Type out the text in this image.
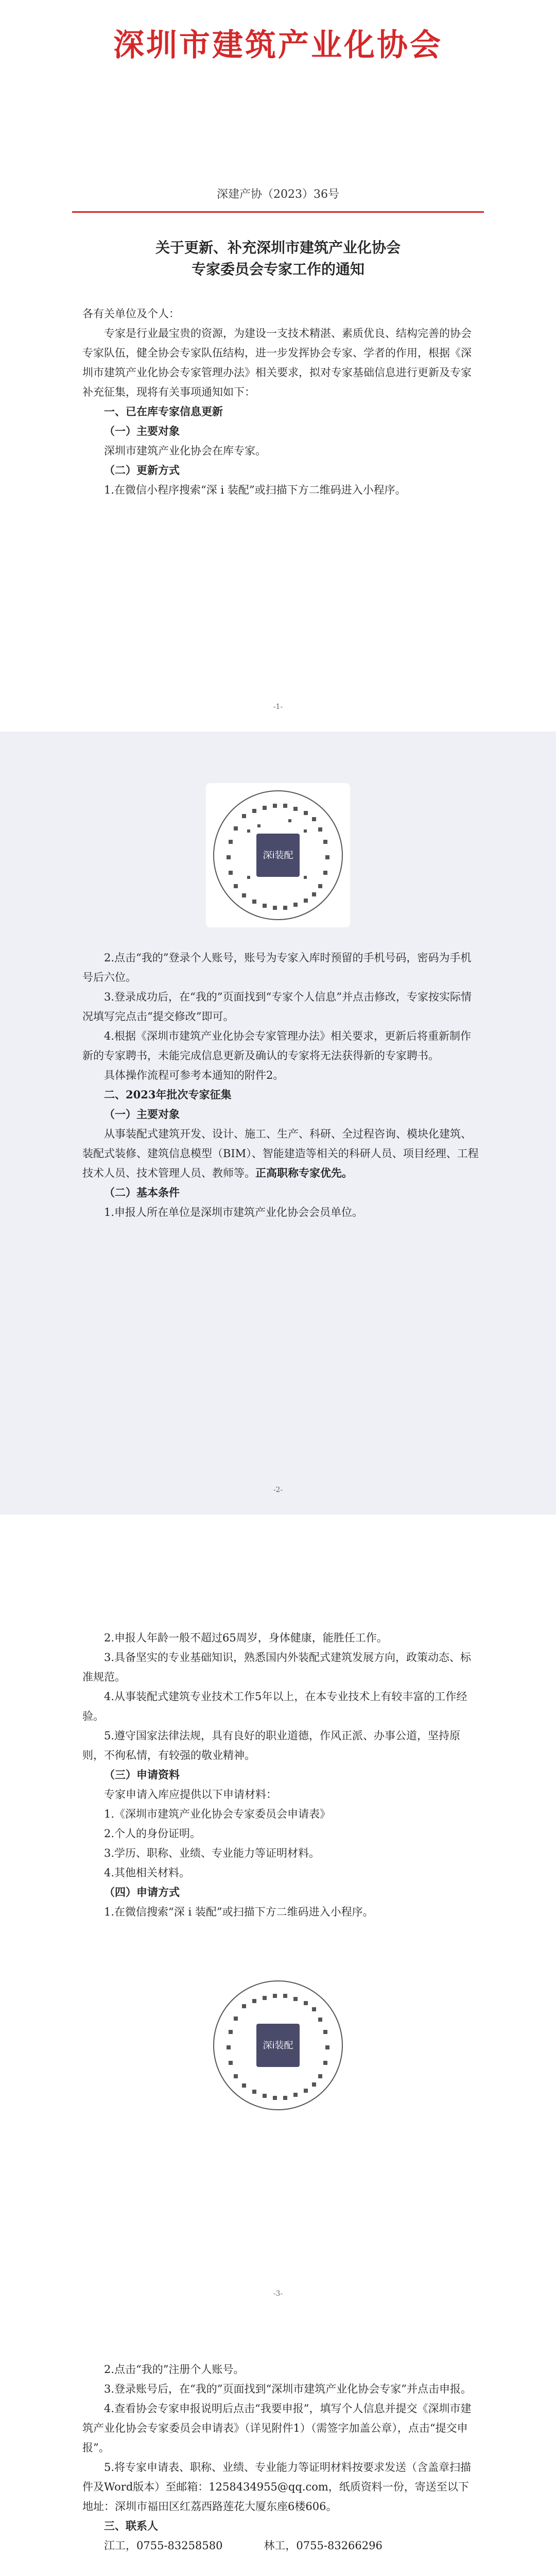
深圳市建筑产业化协会
深建产协（2023）36号
关于更新、补充深圳市建筑产业化协会
专家委员会专家工作的通知

各有关单位及个人：

专家是行业最宝贵的资源，为建设一支技术精湛、素质优良、结构完善的协会专家队伍，健全协会专家队伍结构，进一步发挥协会专家、学者的作用，根据《深圳市建筑产业化协会专家管理办法》相关要求，拟对专家基础信息进行更新及专家补充征集，现将有关事项通知如下：

一、已在库专家信息更新

（一）主要对象

深圳市建筑产业化协会在库专家。

（二）更新方式

1.在微信小程序搜索“深 i 装配”或扫描下方二维码进入小程序。

-1-
深i装配

2.点击“我的”登录个人账号，账号为专家入库时预留的手机号码，密码为手机号后六位。

3.登录成功后，在“我的”页面找到“专家个人信息”并点击修改，专家按实际情况填写完点击“提交修改”即可。

4.根据《深圳市建筑产业化协会专家管理办法》相关要求，更新后将重新制作新的专家聘书，未能完成信息更新及确认的专家将无法获得新的专家聘书。

具体操作流程可参考本通知的附件2。

二、2023年批次专家征集

（一）主要对象

从事装配式建筑开发、设计、施工、生产、科研、全过程咨询、模块化建筑、装配式装修、建筑信息模型（BIM）、智能建造等相关的科研人员、项目经理、工程技术人员、技术管理人员、教师等。正高职称专家优先。

（二）基本条件

1.申报人所在单位是深圳市建筑产业化协会会员单位。

-2-

2.申报人年龄一般不超过65周岁，身体健康，能胜任工作。

3.具备坚实的专业基础知识，熟悉国内外装配式建筑发展方向，政策动态、标准规范。

4.从事装配式建筑专业技术工作5年以上，在本专业技术上有较丰富的工作经验。

5.遵守国家法律法规，具有良好的职业道德，作风正派、办事公道，坚持原则，不徇私情，有较强的敬业精神。

（三）申请资料

专家申请入库应提供以下申请材料：

1.《深圳市建筑产业化协会专家委员会申请表》

2.个人的身份证明。

3.学历、职称、业绩、专业能力等证明材料。

4.其他相关材料。

（四）申请方式

1.在微信搜索“深 i 装配”或扫描下方二维码进入小程序。

深i装配
-3-

2.点击“我的”注册个人账号。

3.登录账号后，在“我的”页面找到“深圳市建筑产业化协会专家”并点击申报。

4.查看协会专家申报说明后点击“我要申报”，填写个人信息并提交《深圳市建筑产业化协会专家委员会申请表》（详见附件1）（需签字加盖公章），点击“提交申报”。

5.将专家申请表、职称、业绩、专业能力等证明材料按要求发送（含盖章扫描件及Word版本）至邮箱：1258434955@qq.com，纸质资料一份，寄送至以下地址：深圳市福田区红荔西路莲花大厦东座6楼606。

三、联系人

江工，0755-83258580	林工，0755-83266296
